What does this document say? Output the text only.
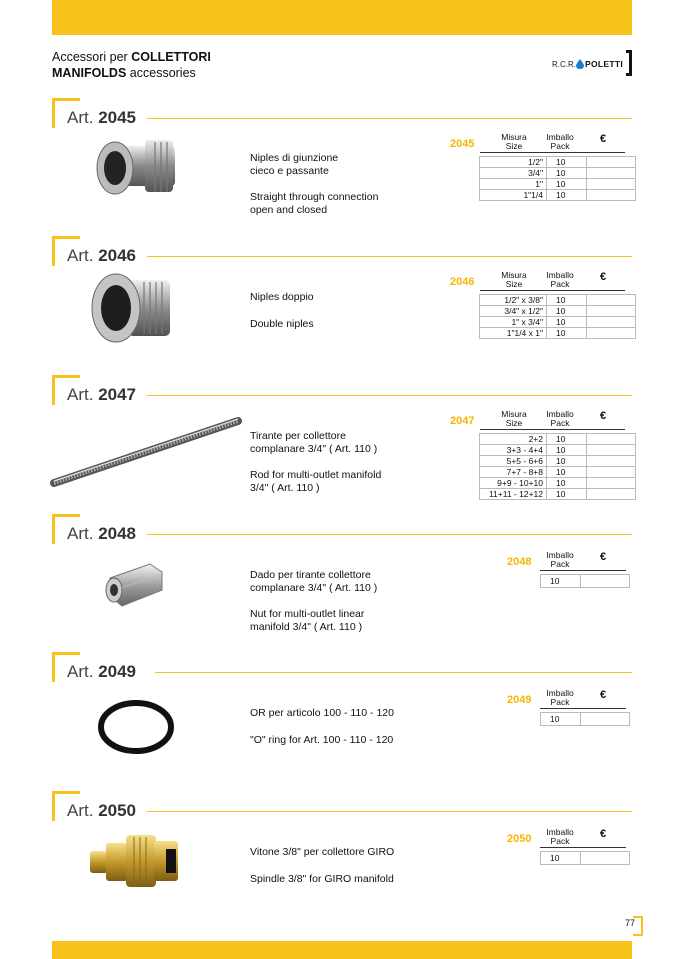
Accessori per COLLETTORI
MANIFOLDS accessories
R.C.R. POLETTI
Art. 2045
Niples di giunzione
cieco e passante
Straight through connection
open and closed
2045
Misura
Size
Imballo
Pack
€
1/2"	10	
3/4"	10	
1"	10	
1"1/4	10	
Art. 2046
Niples doppio
Double niples
2046
Misura
Size
Imballo
Pack
€
1/2" x 3/8"	10	
3/4" x 1/2"	10	
1" x 3/4"	10	
1"1/4 x 1"	10	
Art. 2047
Tirante per collettore
complanare 3/4" ( Art. 110 )
Rod for multi-outlet manifold
3/4" ( Art. 110 )
2047
Misura
Size
Imballo
Pack
€
2+2	10	
3+3 - 4+4	10	
5+5 - 6+6	10	
7+7 - 8+8	10	
9+9 - 10+10	10	
11+11 - 12+12	10	
Art. 2048
Dado per tirante collettore
complanare 3/4" ( Art. 110 )
Nut for multi-outlet linear
manifold 3/4" ( Art. 110 )
2048
Imballo
Pack
€
10	
Art. 2049
OR per articolo 100 - 110 - 120
"O" ring for Art. 100 - 110 - 120
2049
Imballo
Pack
€
10	
Art. 2050
Vitone 3/8" per collettore GIRO
Spindle 3/8" for GIRO manifold
2050
Imballo
Pack
€
10	
77
